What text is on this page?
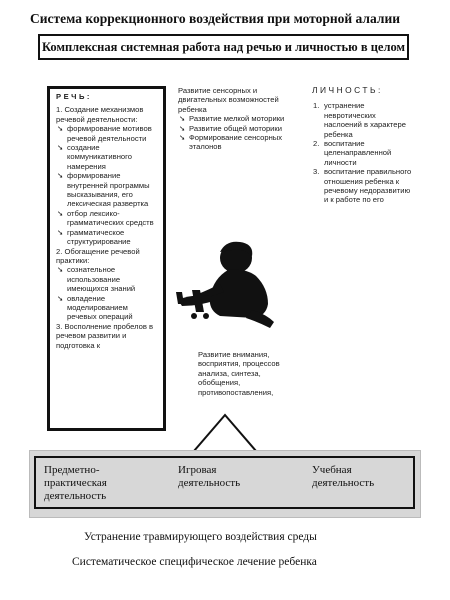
Система коррекционного воздействия при моторной алалии
Комплексная системная работа над речью и личностью в целом
РЕЧЬ:
1. Создание механизмов речевой деятельности:
➘ формирование мотивов речевой деятельности
➘ создание коммуникативного намерения
➘ формирование внутренней программы высказывания, его лексическая развертка
➘ отбор лексико-грамматических средств
➘ грамматическое структурирование
2. Обогащение речевой практики:
➘ сознательное использование имеющихся знаний
➘ овладение моделированием речевых операций
3. Восполнение пробелов в речевом развитии и подготовка к
Развитие сенсорных и двигательных возможностей ребенка
➘ Развитие мелкой моторики
➘ Развитие общей моторики
➘ Формирование сенсорных эталонов
ЛИЧНОСТЬ:
1. устранение невротических наслоений в характере ребенка
2. воспитание целенаправленной личности
3. воспитание правильного отношения ребенка к речевому недоразвитию и к работе по его
Развитие внимания, восприятия, процессов анализа, синтеза, обобщения, противопоставления,
Предметно-практическая деятельность
Игровая деятельность
Учебная деятельность
Устранение травмирующего воздействия среды
Систематическое специфическое лечение ребенка
